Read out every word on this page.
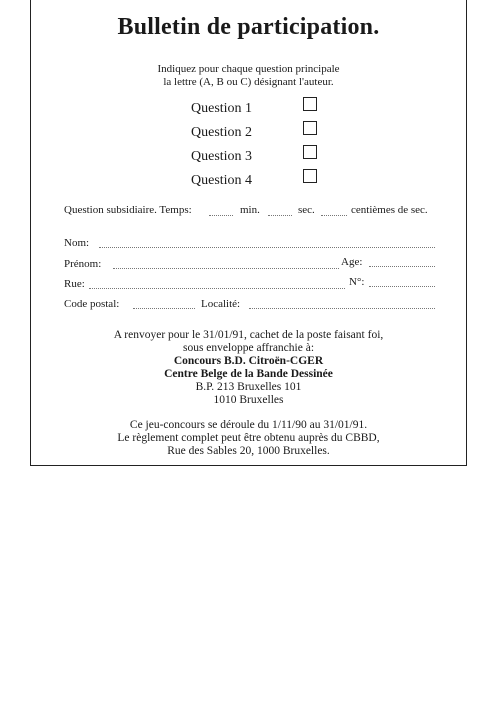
Bulletin de participation.
Indiquez pour chaque question principale
la lettre (A, B ou C) désignant l'auteur.
Question 1
Question 2
Question 3
Question 4
Question subsidiaire. Temps:	min.	sec.	centièmes de sec.
Nom:
Prénom:	Age:
Rue:	N°:
Code postal:	Localité:
A renvoyer pour le 31/01/91, cachet de la poste faisant foi,
sous enveloppe affranchie à:
Concours B.D. Citroën-CGER
Centre Belge de la Bande Dessinée
B.P. 213 Bruxelles 101
1010 Bruxelles
Ce jeu-concours se déroule du 1/11/90 au 31/01/91.
Le règlement complet peut être obtenu auprès du CBBD,
Rue des Sables 20, 1000 Bruxelles.
